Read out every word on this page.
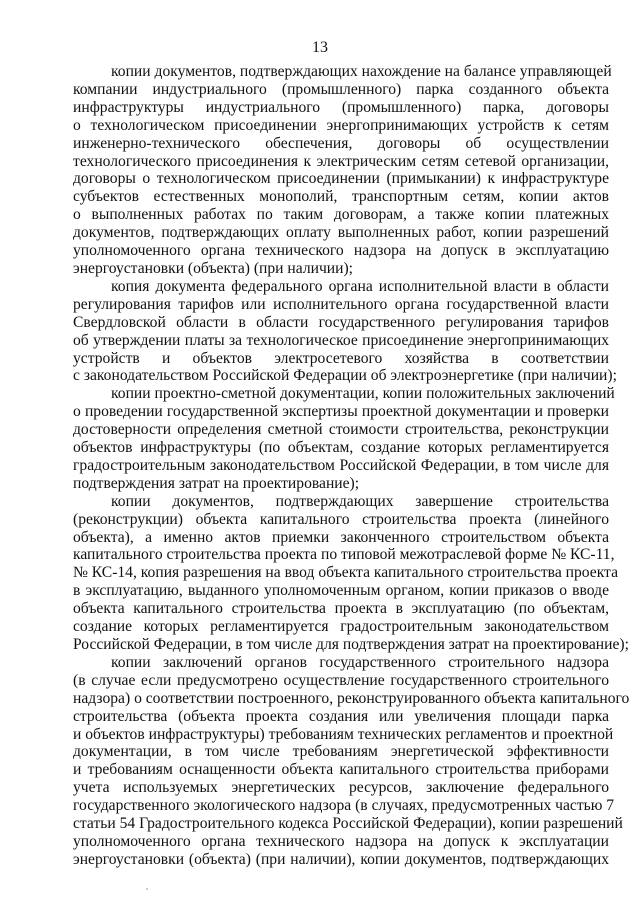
13
копии документов, подтверждающих нахождение на балансе управляющей
компании индустриального (промышленного) парка созданного объекта
инфраструктуры индустриального (промышленного) парка, договоры
о технологическом присоединении энергопринимающих устройств к сетям
инженерно-технического обеспечения, договоры об осуществлении
технологического присоединения к электрическим сетям сетевой организации,
договоры о технологическом присоединении (примыкании) к инфраструктуре
субъектов естественных монополий, транспортным сетям, копии актов
о выполненных работах по таким договорам, а также копии платежных
документов, подтверждающих оплату выполненных работ, копии разрешений
уполномоченного органа технического надзора на допуск в эксплуатацию
энергоустановки (объекта) (при наличии);
копия документа федерального органа исполнительной власти в области
регулирования тарифов или исполнительного органа государственной власти
Свердловской области в области государственного регулирования тарифов
об утверждении платы за технологическое присоединение энергопринимающих
устройств и объектов электросетевого хозяйства в соответствии
с законодательством Российской Федерации об электроэнергетике (при наличии);
копии проектно-сметной документации, копии положительных заключений
о проведении государственной экспертизы проектной документации и проверки
достоверности определения сметной стоимости строительства, реконструкции
объектов инфраструктуры (по объектам, создание которых регламентируется
градостроительным законодательством Российской Федерации, в том числе для
подтверждения затрат на проектирование);
копии документов, подтверждающих завершение строительства
(реконструкции) объекта капитального строительства проекта (линейного
объекта), а именно актов приемки законченного строительством объекта
капитального строительства проекта по типовой межотраслевой форме № КС-11,
№ КС-14, копия разрешения на ввод объекта капитального строительства проекта
в эксплуатацию, выданного уполномоченным органом, копии приказов о вводе
объекта капитального строительства проекта в эксплуатацию (по объектам,
создание которых регламентируется градостроительным законодательством
Российской Федерации, в том числе для подтверждения затрат на проектирование);
копии заключений органов государственного строительного надзора
(в случае если предусмотрено осуществление государственного строительного
надзора) о соответствии построенного, реконструированного объекта капитального
строительства (объекта проекта создания или увеличения площади парка
и объектов инфраструктуры) требованиям технических регламентов и проектной
документации, в том числе требованиям энергетической эффективности
и требованиям оснащенности объекта капитального строительства приборами
учета используемых энергетических ресурсов, заключение федерального
государственного экологического надзора (в случаях, предусмотренных частью 7
статьи 54 Градостроительного кодекса Российской Федерации), копии разрешений
уполномоченного органа технического надзора на допуск к эксплуатации
энергоустановки (объекта) (при наличии), копии документов, подтверждающих
